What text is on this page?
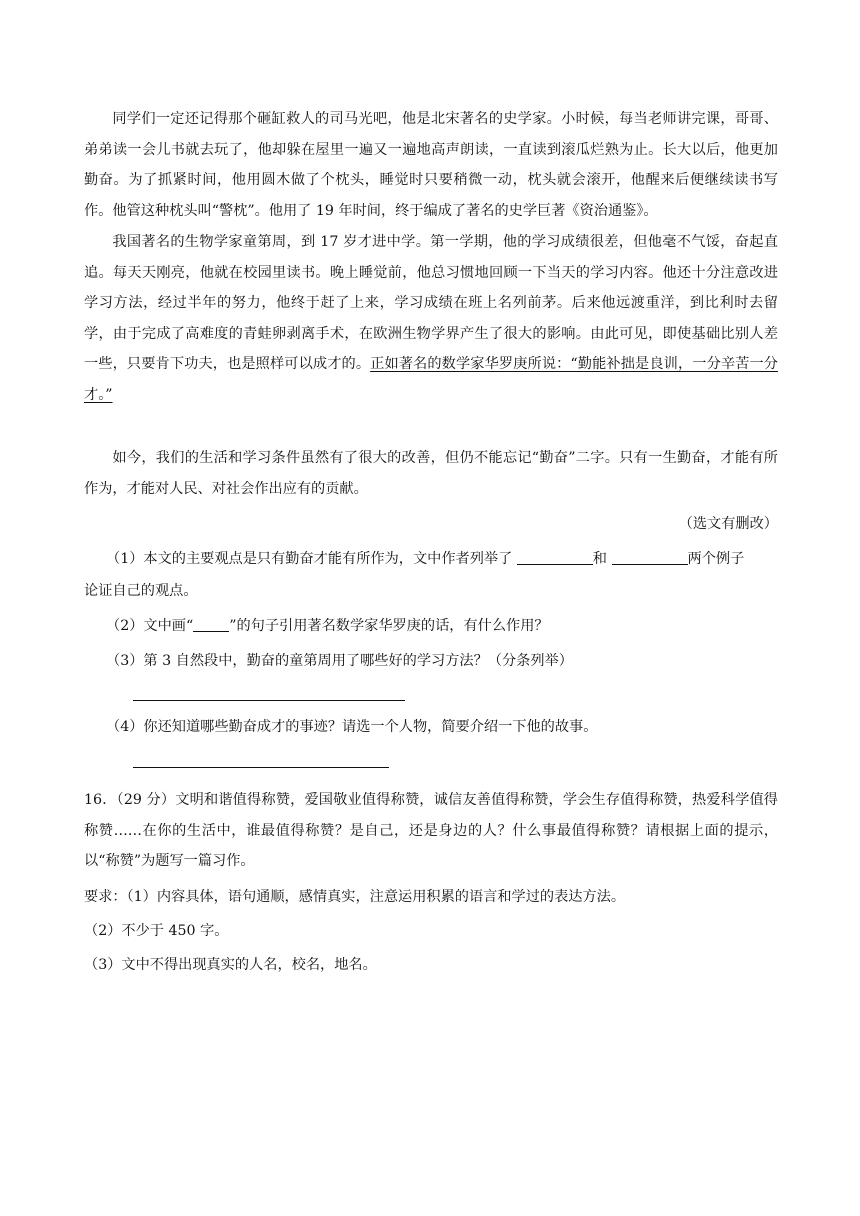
同学们一定还记得那个砸缸救人的司马光吧，他是北宋著名的史学家。小时候，每当老师讲完课，哥哥、弟弟读一会儿书就去玩了，他却躲在屋里一遍又一遍地高声朗读，一直读到滚瓜烂熟为止。长大以后，他更加勤奋。为了抓紧时间，他用圆木做了个枕头，睡觉时只要稍微一动，枕头就会滚开，他醒来后便继续读书写作。他管这种枕头叫“警枕”。他用了 19 年时间，终于编成了著名的史学巨著《资治通鉴》。

我国著名的生物学家童第周，到 17 岁才进中学。第一学期，他的学习成绩很差，但他毫不气馁，奋起直追。每天天刚亮，他就在校园里读书。晚上睡觉前，他总习惯地回顾一下当天的学习内容。他还十分注意改进学习方法，经过半年的努力，他终于赶了上来，学习成绩在班上名列前茅。后来他远渡重洋，到比利时去留学，由于完成了高难度的青蛙卵剥离手术，在欧洲生物学界产生了很大的影响。由此可见，即使基础比别人差一些，只要肯下功夫，也是照样可以成才的。正如著名的数学家华罗庚所说：“勤能补拙是良训，一分辛苦一分才。”

如今，我们的生活和学习条件虽然有了很大的改善，但仍不能忘记“勤奋”二字。只有一生勤奋，才能有所作为，才能对人民、对社会作出应有的贡献。

（选文有删改）

（1）本文的主要观点是只有勤奋才能有所作为，文中作者列举了	和	两个例子

论证自己的观点。

（2）文中画“	”的句子引用著名数学家华罗庚的话，有什么作用？

（3）第 3 自然段中，勤奋的童第周用了哪些好的学习方法？（分条列举）

（4）你还知道哪些勤奋成才的事迹？请选一个人物，简要介绍一下他的故事。

16．（29 分）文明和谐值得称赞，爱国敬业值得称赞，诚信友善值得称赞，学会生存值得称赞，热爱科学值得称赞……在你的生活中，谁最值得称赞？是自己，还是身边的人？什么事最值得称赞？请根据上面的提示，以“称赞”为题写一篇习作。

要求：（1）内容具体，语句通顺，感情真实，注意运用积累的语言和学过的表达方法。

（2）不少于 450 字。

（3）文中不得出现真实的人名，校名，地名。
